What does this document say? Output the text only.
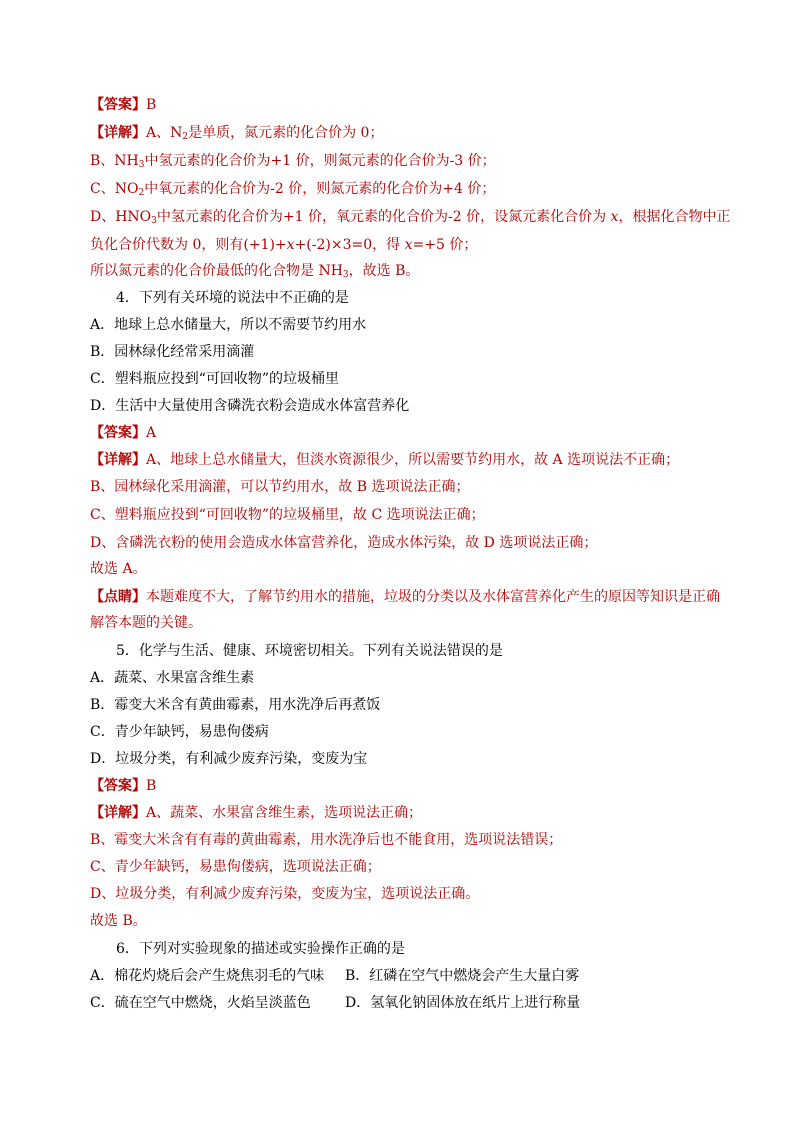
【答案】B
【详解】A、$N_2$是单质，氮元素的化合价为 0；
B、$NH_3$中氢元素的化合价为+1 价，则氮元素的化合价为-3 价；
C、$NO_2$中氧元素的化合价为-2 价，则氮元素的化合价为+4 价；
D、$HNO_3$中氢元素的化合价为+1 价，氧元素的化合价为-2 价，设氮元素化合价为 x，根据化合物中正
负化合价代数为 0，则有(+1)+x+(-2)×3=0，得 x=+5 价；
所以氮元素的化合价最低的化合物是 $NH_3$，故选 B。
4．下列有关环境的说法中不正确的是
A．地球上总水储量大，所以不需要节约用水
B．园林绿化经常采用滴灌
C．塑料瓶应投到“可回收物”的垃圾桶里
D．生活中大量使用含磷洗衣粉会造成水体富营养化
【答案】A
【详解】A、地球上总水储量大，但淡水资源很少，所以需要节约用水，故 A 选项说法不正确；
B、园林绿化采用滴灌，可以节约用水，故 B 选项说法正确；
C、塑料瓶应投到“可回收物”的垃圾桶里，故 C 选项说法正确；
D、含磷洗衣粉的使用会造成水体富营养化，造成水体污染，故 D 选项说法正确；
故选 A。
【点睛】本题难度不大，了解节约用水的措施，垃圾的分类以及水体富营养化产生的原因等知识是正确
解答本题的关键。
5．化学与生活、健康、环境密切相关。下列有关说法错误的是
A．蔬菜、水果富含维生素
B．霉变大米含有黄曲霉素，用水洗净后再煮饭
C．青少年缺钙，易患佝偻病
D．垃圾分类，有利减少废弃污染，变废为宝
【答案】B
【详解】A、蔬菜、水果富含维生素，选项说法正确；
B、霉变大米含有有毒的黄曲霉素，用水洗净后也不能食用，选项说法错误；
C、青少年缺钙，易患佝偻病，选项说法正确；
D、垃圾分类，有利减少废弃污染，变废为宝，选项说法正确。
故选 B。
6．下列对实验现象的描述或实验操作正确的是
A．棉花灼烧后会产生烧焦羽毛的气味 B．红磷在空气中燃烧会产生大量白雾
C．硫在空气中燃烧，火焰呈淡蓝色 D．氢氧化钠固体放在纸片上进行称量
